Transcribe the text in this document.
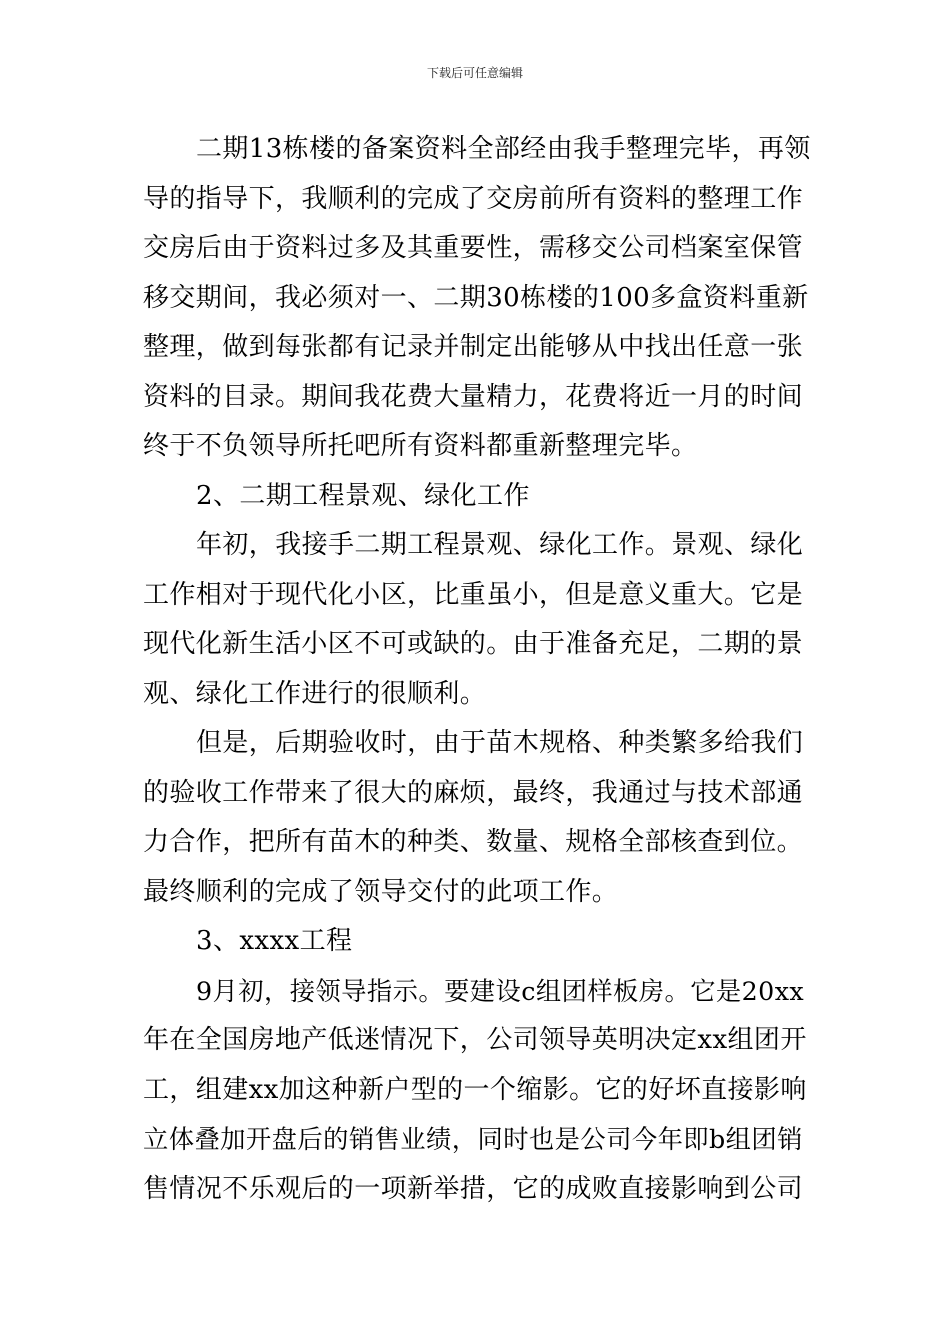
下载后可任意编辑
二期13栋楼的备案资料全部经由我手整理完毕，再领
导的指导下，我顺利的完成了交房前所有资料的整理工作
交房后由于资料过多及其重要性，需移交公司档案室保管
移交期间，我必须对一、二期30栋楼的100多盒资料重新
整理，做到每张都有记录并制定出能够从中找出任意一张
资料的目录。期间我花费大量精力，花费将近一月的时间
终于不负领导所托吧所有资料都重新整理完毕。
2、二期工程景观、绿化工作
年初，我接手二期工程景观、绿化工作。景观、绿化
工作相对于现代化小区，比重虽小，但是意义重大。它是
现代化新生活小区不可或缺的。由于准备充足，二期的景
观、绿化工作进行的很顺利。
但是，后期验收时，由于苗木规格、种类繁多给我们
的验收工作带来了很大的麻烦，最终，我通过与技术部通
力合作，把所有苗木的种类、数量、规格全部核查到位。
最终顺利的完成了领导交付的此项工作。
3、xxxx工程
9月初，接领导指示。要建设c组团样板房。它是20xx
年在全国房地产低迷情况下，公司领导英明决定xx组团开
工，组建xx加这种新户型的一个缩影。它的好坏直接影响
立体叠加开盘后的销售业绩，同时也是公司今年即b组团销
售情况不乐观后的一项新举措，它的成败直接影响到公司
